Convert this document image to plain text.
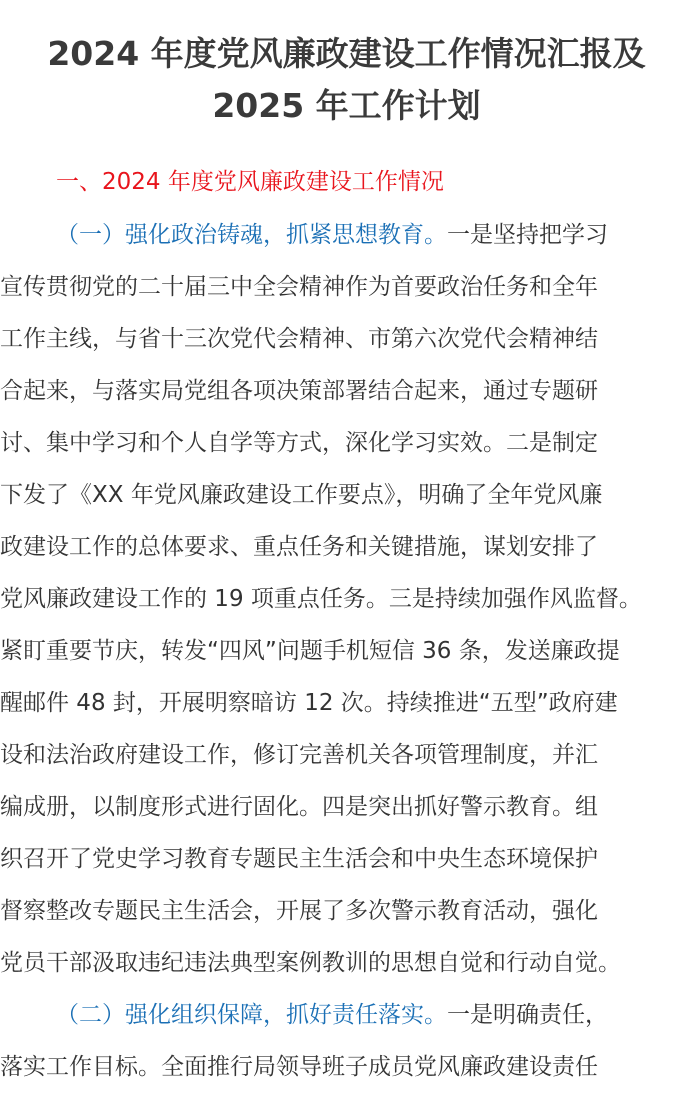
2024 年度党风廉政建设工作情况汇报及
2025 年工作计划

一、2024 年度党风廉政建设工作情况

（一）强化政治铸魂，抓紧思想教育。一是坚持把学习
宣传贯彻党的二十届三中全会精神作为首要政治任务和全年
工作主线，与省十三次党代会精神、市第六次党代会精神结
合起来，与落实局党组各项决策部署结合起来，通过专题研
讨、集中学习和个人自学等方式，深化学习实效。二是制定
下发了《XX 年党风廉政建设工作要点》，明确了全年党风廉
政建设工作的总体要求、重点任务和关键措施，谋划安排了
党风廉政建设工作的 19 项重点任务。三是持续加强作风监督。
紧盯重要节庆，转发“四风”问题手机短信 36 条，发送廉政提
醒邮件 48 封，开展明察暗访 12 次。持续推进“五型”政府建
设和法治政府建设工作，修订完善机关各项管理制度，并汇
编成册，以制度形式进行固化。四是突出抓好警示教育。组
织召开了党史学习教育专题民主生活会和中央生态环境保护
督察整改专题民主生活会，开展了多次警示教育活动，强化
党员干部汲取违纪违法典型案例教训的思想自觉和行动自觉。
（二）强化组织保障，抓好责任落实。一是明确责任，
落实工作目标。全面推行局领导班子成员党风廉政建设责任
